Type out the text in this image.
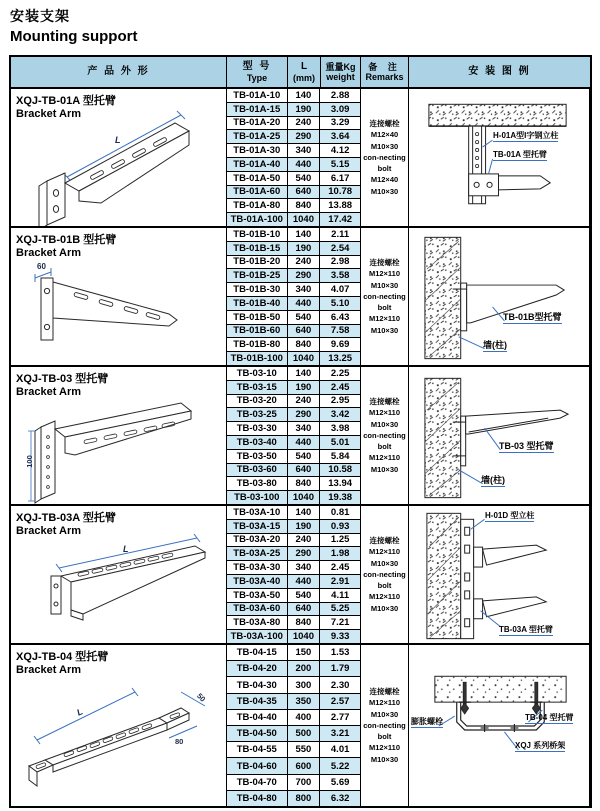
安装支架
Mounting support
产 品 外 形	型 号
Type
L
(mm)
重量Kg
weight
备 注
Remarks	安 装 图 例
XQJ-TB-01A 型托臂
Bracket Arm
L
TB-01A-10	140	2.88
TB-01A-15	190	3.09
TB-01A-20	240	3.29
TB-01A-25	290	3.64
TB-01A-30	340	4.12
TB-01A-40	440	5.15
TB-01A-50	540	6.17
TB-01A-60	640	10.78
TB-01A-80	840	13.88
TB-01A-100	1040	17.42
连接螺栓
M12×40
M10×30
con-necting
bolt
M12×40
M10×30
H-01A型I字钢立柱
TB-01A 型托臂
XQJ-TB-01B 型托臂
Bracket Arm
60
TB-01B-10	140	2.11
TB-01B-15	190	2.54
TB-01B-20	240	2.98
TB-01B-25	290	3.58
TB-01B-30	340	4.07
TB-01B-40	440	5.10
TB-01B-50	540	6.43
TB-01B-60	640	7.58
TB-01B-80	840	9.69
TB-01B-100	1040	13.25
连接螺栓
M12×110
M10×30
con-necting
bolt
M12×110
M10×30
TB-01B型托臂
墙(柱)
XQJ-TB-03 型托臂
Bracket Arm
100
TB-03-10	140	2.25
TB-03-15	190	2.45
TB-03-20	240	2.95
TB-03-25	290	3.42
TB-03-30	340	3.98
TB-03-40	440	5.01
TB-03-50	540	5.84
TB-03-60	640	10.58
TB-03-80	840	13.94
TB-03-100	1040	19.38
连接螺栓
M12×110
M10×30
con-necting
bolt
M12×110
M10×30
TB-03 型托臂
墙(柱)
XQJ-TB-03A 型托臂
Bracket Arm
L
TB-03A-10	140	0.81
TB-03A-15	190	0.93
TB-03A-20	240	1.25
TB-03A-25	290	1.98
TB-03A-30	340	2.45
TB-03A-40	440	2.91
TB-03A-50	540	4.11
TB-03A-60	640	5.25
TB-03A-80	840	7.21
TB-03A-100	1040	9.33
连接螺栓
M12×110
M10×30
con-necting
bolt
M12×110
M10×30
H-01D 型立柱
TB-03A 型托臂
XQJ-TB-04 型托臂
Bracket Arm
L
50
80
TB-04-15	150	1.53
TB-04-20	200	1.79
TB-04-30	300	2.30
TB-04-35	350	2.57
TB-04-40	400	2.77
TB-04-50	500	3.21
TB-04-55	550	4.01
TB-04-60	600	5.22
TB-04-70	700	5.69
TB-04-80	800	6.32
连接螺栓
M12×110
M10×30
con-necting
bolt
M12×110
M10×30
膨胀螺栓	TB-04 型托臂
XQJ 系列桥架
